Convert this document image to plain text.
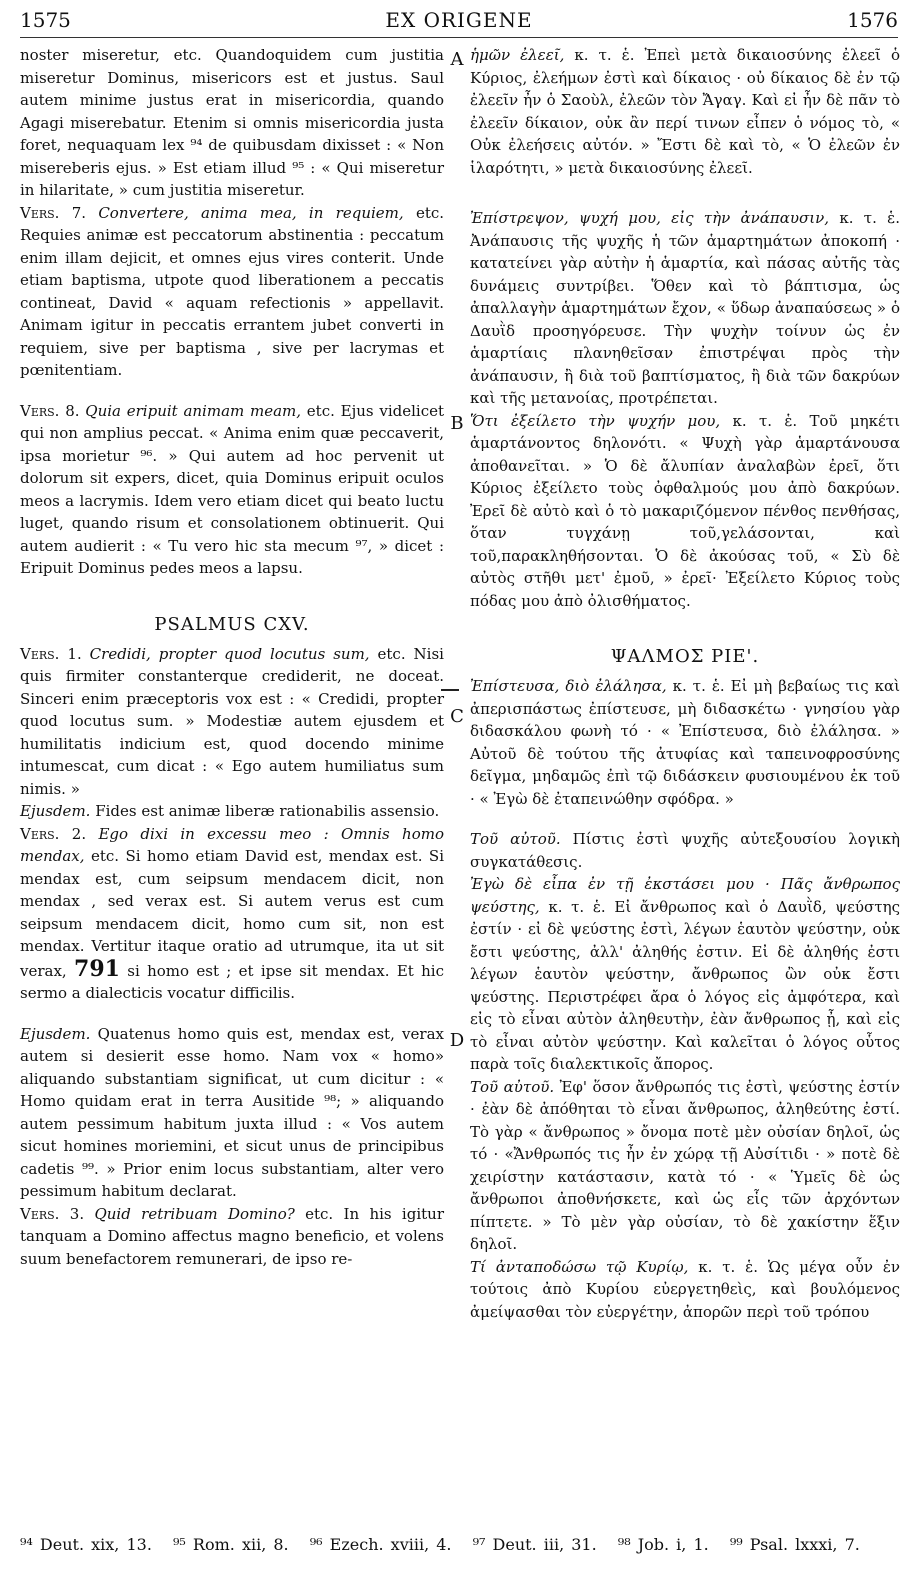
1575	EX ORIGENE	1576
A
B
C
D

noster miseretur, etc. Quandoquidem cum justitia miseretur Dominus, misericors est et justus. Saul autem minime justus erat in misericordia, quando Agagi miserebatur. Etenim si omnis misericordia justa foret, nequaquam lex ⁹⁴ de quibusdam dixisset : « Non misereberis ejus. » Est etiam illud ⁹⁵ : « Qui miseretur in hilaritate, » cum justitia miseretur.

Vers. 7. Convertere, anima mea, in requiem, etc. Requies animæ est peccatorum abstinentia : peccatum enim illam dejicit, et omnes ejus vires conterit. Unde etiam baptisma, utpote quod liberationem a peccatis contineat, David « aquam refectionis » appellavit. Animam igitur in peccatis errantem jubet converti in requiem, sive per baptisma , sive per lacrymas et pœnitentiam.

Vers. 8. Quia eripuit animam meam, etc. Ejus videlicet qui non amplius peccat. « Anima enim quæ peccaverit, ipsa morietur ⁹⁶. » Qui autem ad hoc pervenit ut dolorum sit expers, dicet, quia Dominus eripuit oculos meos a lacrymis. Idem vero etiam dicet qui beato luctu luget, quando risum et consolationem obtinuerit. Qui autem audierit : « Tu vero hic sta mecum ⁹⁷, » dicet : Eripuit Dominus pedes meos a lapsu.

PSALMUS CXV.

Vers. 1. Credidi, propter quod locutus sum, etc. Nisi quis firmiter constanterque crediderit, ne doceat. Sinceri enim præceptoris vox est : « Credidi, propter quod locutus sum. » Modestiæ autem ejusdem et humilitatis indicium est, quod docendo minime intumescat, cum dicat : « Ego autem humiliatus sum nimis. »

Ejusdem. Fides est animæ liberæ rationabilis assensio.

Vers. 2. Ego dixi in excessu meo : Omnis homo mendax, etc. Si homo etiam David est, mendax est. Si mendax est, cum seipsum mendacem dicit, non mendax , sed verax est. Si autem verus est cum seipsum mendacem dicit, homo cum sit, non est mendax. Vertitur itaque oratio ad utrumque, ita ut sit verax, 791 si homo est ; et ipse sit mendax. Et hic sermo a dialecticis vocatur difficilis.

Ejusdem. Quatenus homo quis est, mendax est, verax autem si desierit esse homo. Nam vox « homo» aliquando substantiam significat, ut cum dicitur : « Homo quidam erat in terra Ausitide ⁹⁸; » aliquando autem pessimum habitum juxta illud : « Vos autem sicut homines moriemini, et sicut unus de principibus cadetis ⁹⁹. » Prior enim locus substantiam, alter vero pessimum habitum declarat.

Vers. 3. Quid retribuam Domino? etc. In his igitur tanquam a Domino affectus magno beneficio, et volens suum benefactorem remunerari, de ipso re-

ἡμῶν ἐλεεῖ, κ. τ. ἑ. Ἐπεὶ μετὰ δικαιοσύνης ἐλεεῖ ὁ Κύριος, ἐλεήμων ἐστὶ καὶ δίκαιος · οὐ δίκαιος δὲ ἐν τῷ ἐλεεῖν ἦν ὁ Σαοὺλ, ἐλεῶν τὸν Ἄγαγ. Καὶ εἰ ἦν δὲ πᾶν τὸ ἐλεεῖν δίκαιον, οὐκ ἂν περί τινων εἶπεν ὁ νόμος τὸ, « Οὐκ ἐλεήσεις αὐτόν. » Ἔστι δὲ καὶ τὸ, « Ὁ ἐλεῶν ἐν ἱλαρότητι, » μετὰ δικαιοσύνης ἐλεεῖ.

Ἐπίστρεψον, ψυχή μου, εἰς τὴν ἀνάπαυσιν, κ. τ. ἑ. Ἀνάπαυσις τῆς ψυχῆς ἡ τῶν ἁμαρτημάτων ἀποκοπή · κατατείνει γὰρ αὐτὴν ἡ ἁμαρτία, καὶ πάσας αὐτῆς τὰς δυνάμεις συντρίβει. Ὅθεν καὶ τὸ βάπτισμα, ὡς ἀπαλλαγὴν ἁμαρτημάτων ἔχον, « ὕδωρ ἀναπαύσεως » ὁ Δαυῒδ προσηγόρευσε. Τὴν ψυχὴν τοίνυν ὡς ἐν ἁμαρτίαις πλανηθεῖσαν ἐπιστρέψαι πρὸς τὴν ἀνάπαυσιν, ἢ διὰ τοῦ βαπτίσματος, ἢ διὰ τῶν δακρύων καὶ τῆς μετανοίας, προτρέπεται.

Ὅτι ἐξείλετο τὴν ψυχήν μου, κ. τ. ἑ. Τοῦ μηκέτι ἁμαρτάνοντος δηλονότι. « Ψυχὴ γὰρ ἁμαρτάνουσα ἀποθανεῖται. » Ὁ δὲ ἄλυπίαν ἀναλαβὼν ἐρεῖ, ὅτι Κύριος ἐξείλετο τοὺς ὀφθαλμούς μου ἀπὸ δακρύων. Ἐρεῖ δὲ αὐτὸ καὶ ὁ τὸ μακαριζόμενον πένθος πενθήσας, ὅταν τυγχάνῃ τοῦ,γελάσονται, καὶ τοῦ,παρακληθήσονται. Ὁ δὲ ἀκούσας τοῦ, « Σὺ δὲ αὐτὸς στῆθι μετ' ἐμοῦ, » ἐρεῖ· Ἐξείλετο Κύριος τοὺς πόδας μου ἀπὸ ὀλισθήματος.

ΨΑΛΜΟΣ ΡΙΕ'.

Ἐπίστευσα, διὸ ἐλάλησα, κ. τ. ἑ. Εἰ μὴ βεβαίως τις καὶ ἀπερισπάστως ἐπίστευσε, μὴ διδασκέτω · γνησίου γὰρ διδασκάλου φωνὴ τό · « Ἐπίστευσα, διὸ ἐλάλησα. » Αὐτοῦ δὲ τούτου τῆς ἀτυφίας καὶ ταπεινοφροσύνης δεῖγμα, μηδαμῶς ἐπὶ τῷ διδάσκειν φυσιουμένου ἐκ τοῦ · « Ἐγὼ δὲ ἐταπεινώθην σφόδρα. »

Τοῦ αὐτοῦ. Πίστις ἐστὶ ψυχῆς αὐτεξουσίου λογικὴ συγκατάθεσις.

Ἐγὼ δὲ εἶπα ἐν τῇ ἐκστάσει μου · Πᾶς ἄνθρωπος ψεύστης, κ. τ. ἑ. Εἰ ἄνθρωπος καὶ ὁ Δαυῒδ, ψεύστης ἐστίν · εἰ δὲ ψεύστης ἐστὶ, λέγων ἑαυτὸν ψεύστην, οὐκ ἔστι ψεύστης, ἀλλ' ἀληθής ἐστιν. Εἰ δὲ ἀληθής ἐστι λέγων ἑαυτὸν ψεύστην, ἄνθρωπος ὢν οὐκ ἔστι ψεύστης. Περιστρέφει ἄρα ὁ λόγος εἰς ἀμφότερα, καὶ εἰς τὸ εἶναι αὐτὸν ἀληθευτὴν, ἐὰν ἄνθρωπος ᾖ, καὶ εἰς τὸ εἶναι αὐτὸν ψεύστην. Καὶ καλεῖται ὁ λόγος οὗτος παρὰ τοῖς διαλεκτικοῖς ἄπορος.

Τοῦ αὐτοῦ. Ἐφ' ὅσον ἄνθρωπός τις ἐστὶ, ψεύστης ἐστίν · ἐὰν δὲ ἀπόθηται τὸ εἶναι ἄνθρωπος, ἀληθεύτης ἐστί. Τὸ γὰρ « ἄνθρωπος » ὄνομα ποτὲ μὲν οὐσίαν δηλοῖ, ὡς τό · «Ἄνθρωπός τις ἦν ἐν χώρᾳ τῇ Αὐσίτιδι · » ποτὲ δὲ χειρίστην κατάστασιν, κατὰ τό · « Ὑμεῖς δὲ ὡς ἄνθρωποι ἀποθνήσκετε, καὶ ὡς εἷς τῶν ἀρχόντων πίπτετε. » Τὸ μὲν γὰρ οὐσίαν, τὸ δὲ χακίστην ἕξιν δηλοῖ.

Τί ἀνταποδώσω τῷ Κυρίῳ, κ. τ. ἑ. Ὡς μέγα οὖν ἐν τούτοις ἀπὸ Κυρίου εὐεργετηθεὶς, καὶ βουλόμενος ἀμείψασθαι τὸν εὐεργέτην, ἀπορῶν περὶ τοῦ τρόπου

⁹⁴ Deut. xix, 13. ⁹⁵ Rom. xii, 8. ⁹⁶ Ezech. xviii, 4. ⁹⁷ Deut. iii, 31. ⁹⁸ Job. i, 1. ⁹⁹ Psal. lxxxi, 7.
